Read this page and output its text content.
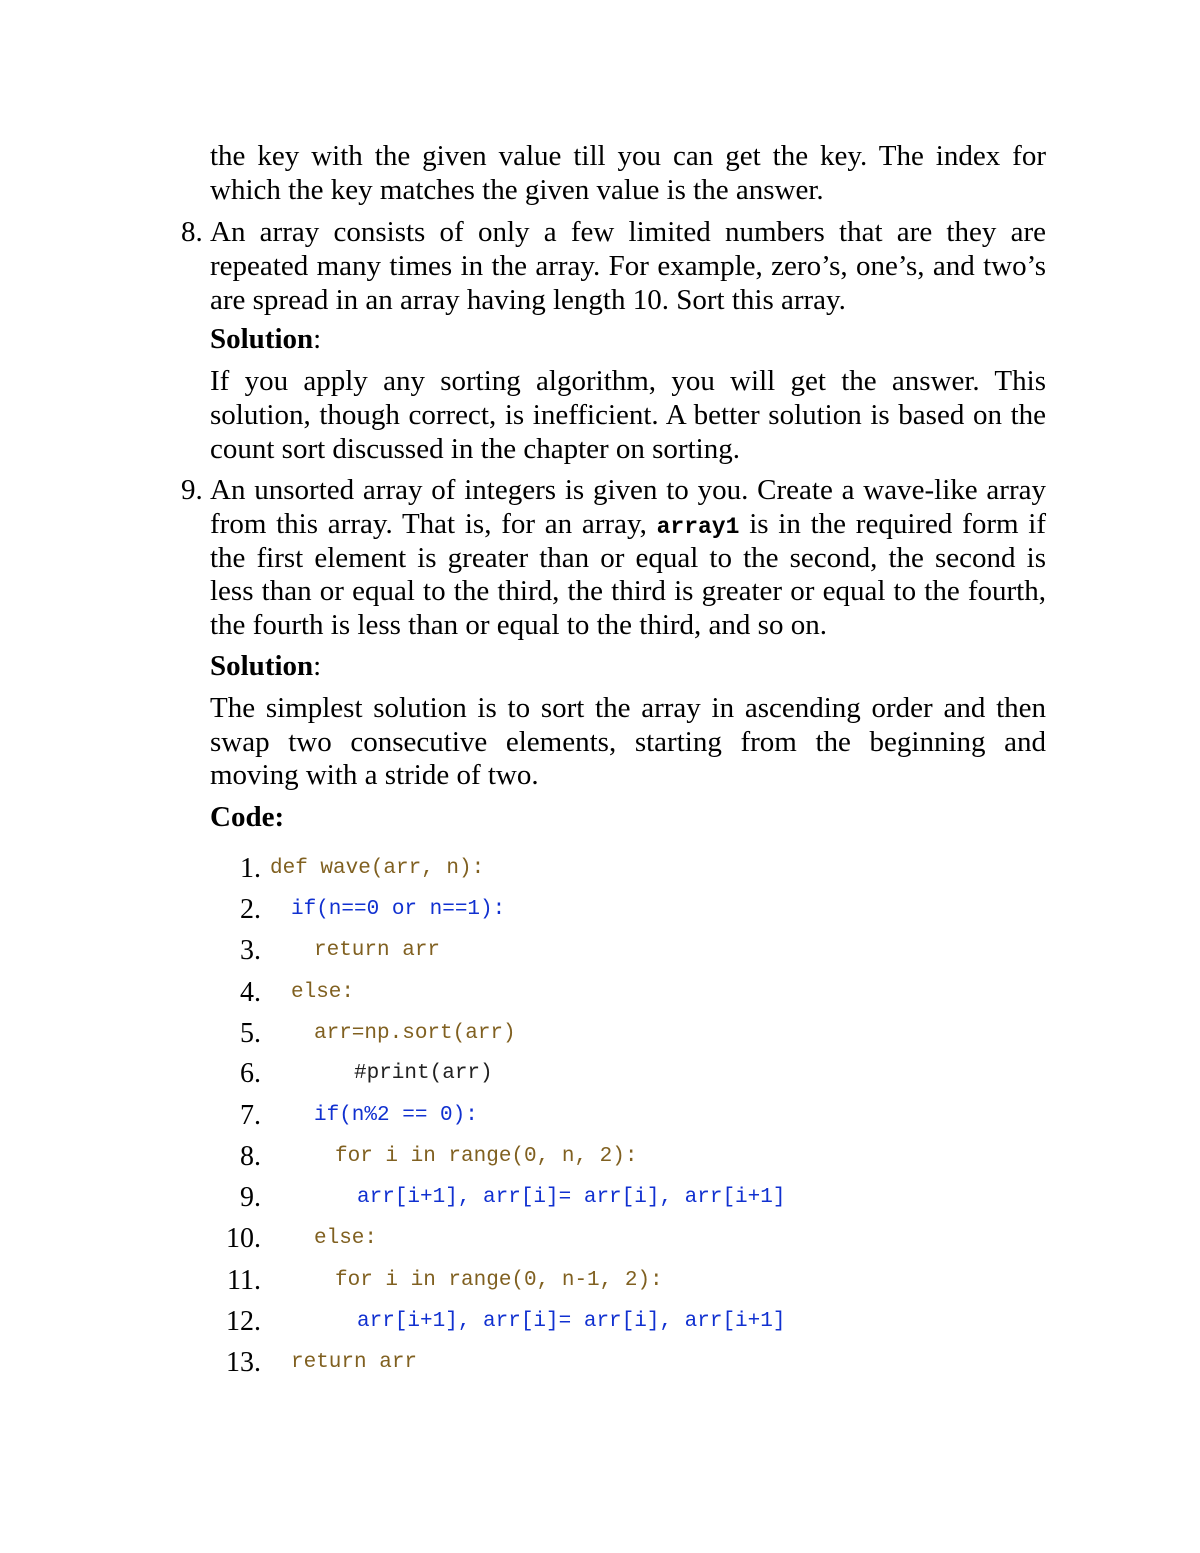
the key with the given value till you can get the key. The index for
which the key matches the given value is the answer.
8. An array consists of only a few limited numbers that are they are
repeated many times in the array. For example, zero’s, one’s, and two’s
are spread in an array having length 10. Sort this array.
Solution:
If you apply any sorting algorithm, you will get the answer. This
solution, though correct, is inefficient. A better solution is based on the
count sort discussed in the chapter on sorting.
9. An unsorted array of integers is given to you. Create a wave-like array
from this array. That is, for an array, array1 is in the required form if
the first element is greater than or equal to the second, the second is
less than or equal to the third, the third is greater or equal to the fourth,
the fourth is less than or equal to the third, and so on.
Solution:
The simplest solution is to sort the array in ascending order and then
swap two consecutive elements, starting from the beginning and
moving with a stride of two.
Code:
1.
2.
3.
4.
5.
6.
7.
8.
9.
10.
11.
12.
13.
def wave(arr, n):
if(n==0 or n==1):
return arr
else:
arr=np.sort(arr)
#print(arr)
if(n%2 == 0):
for i in range(0, n, 2):
arr[i+1], arr[i]= arr[i], arr[i+1]
else:
for i in range(0, n-1, 2):
arr[i+1], arr[i]= arr[i], arr[i+1]
return arr
